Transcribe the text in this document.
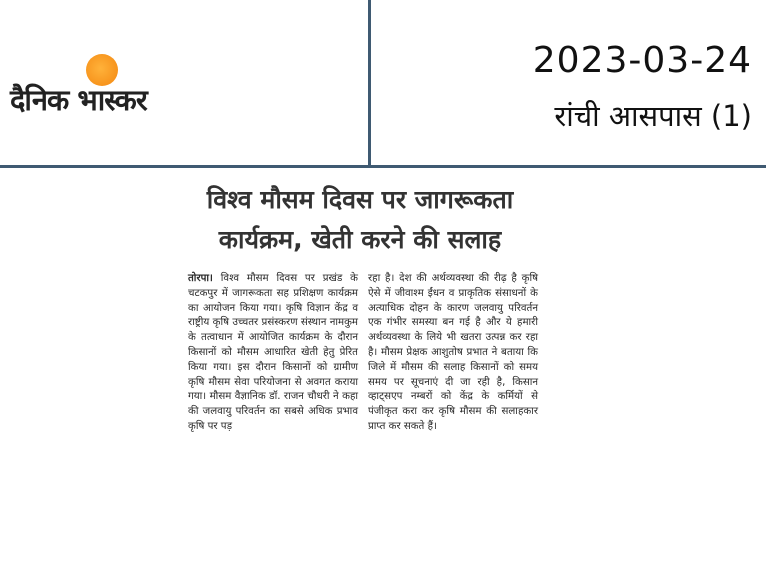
दैनिक भास्कर
2023-03-24
रांची आसपास (1)
विश्व मौसम दिवस पर जागरूकता
कार्यक्रम, खेती करने की सलाह

तोरपा। विश्व मौसम दिवस पर प्रखंड के चटकपुर में जागरूकता सह प्रशिक्षण कार्यक्रम का आयोजन किया गया। कृषि विज्ञान केंद्र व राष्ट्रीय कृषि उच्चतर प्रसंस्करण संस्थान नामकुम के तत्वाधान में आयोजित कार्यक्रम के दौरान किसानों को मौसम आधारित खेती हेतु प्रेरित किया गया। इस दौरान किसानों को ग्रामीण कृषि मौसम सेवा परियोजना से अवगत कराया गया। मौसम वैज्ञानिक डॉ. राजन चौधरी ने कहा की जलवायु परिवर्तन का सबसे अधिक प्रभाव कृषि पर पड़

रहा है। देश की अर्थव्यवस्था की रीढ़ है कृषि ऐसे में जीवाश्म ईंधन व प्राकृतिक संसाधनों के अत्याधिक दोहन के कारण जलवायु परिवर्तन एक गंभीर समस्या बन गई है और ये हमारी अर्थव्यवस्था के लिये भी खतरा उत्पन्न कर रहा है। मौसम प्रेक्षक आशुतोष प्रभात ने बताया कि जिले में मौसम की सलाह किसानों को समय समय पर सूचनाएं दी जा रही है, किसान व्हाट्सएप नम्बरों को केंद्र के कर्मियों से पंजीकृत करा कर कृषि मौसम की सलाहकार प्राप्त कर सकते हैं।
